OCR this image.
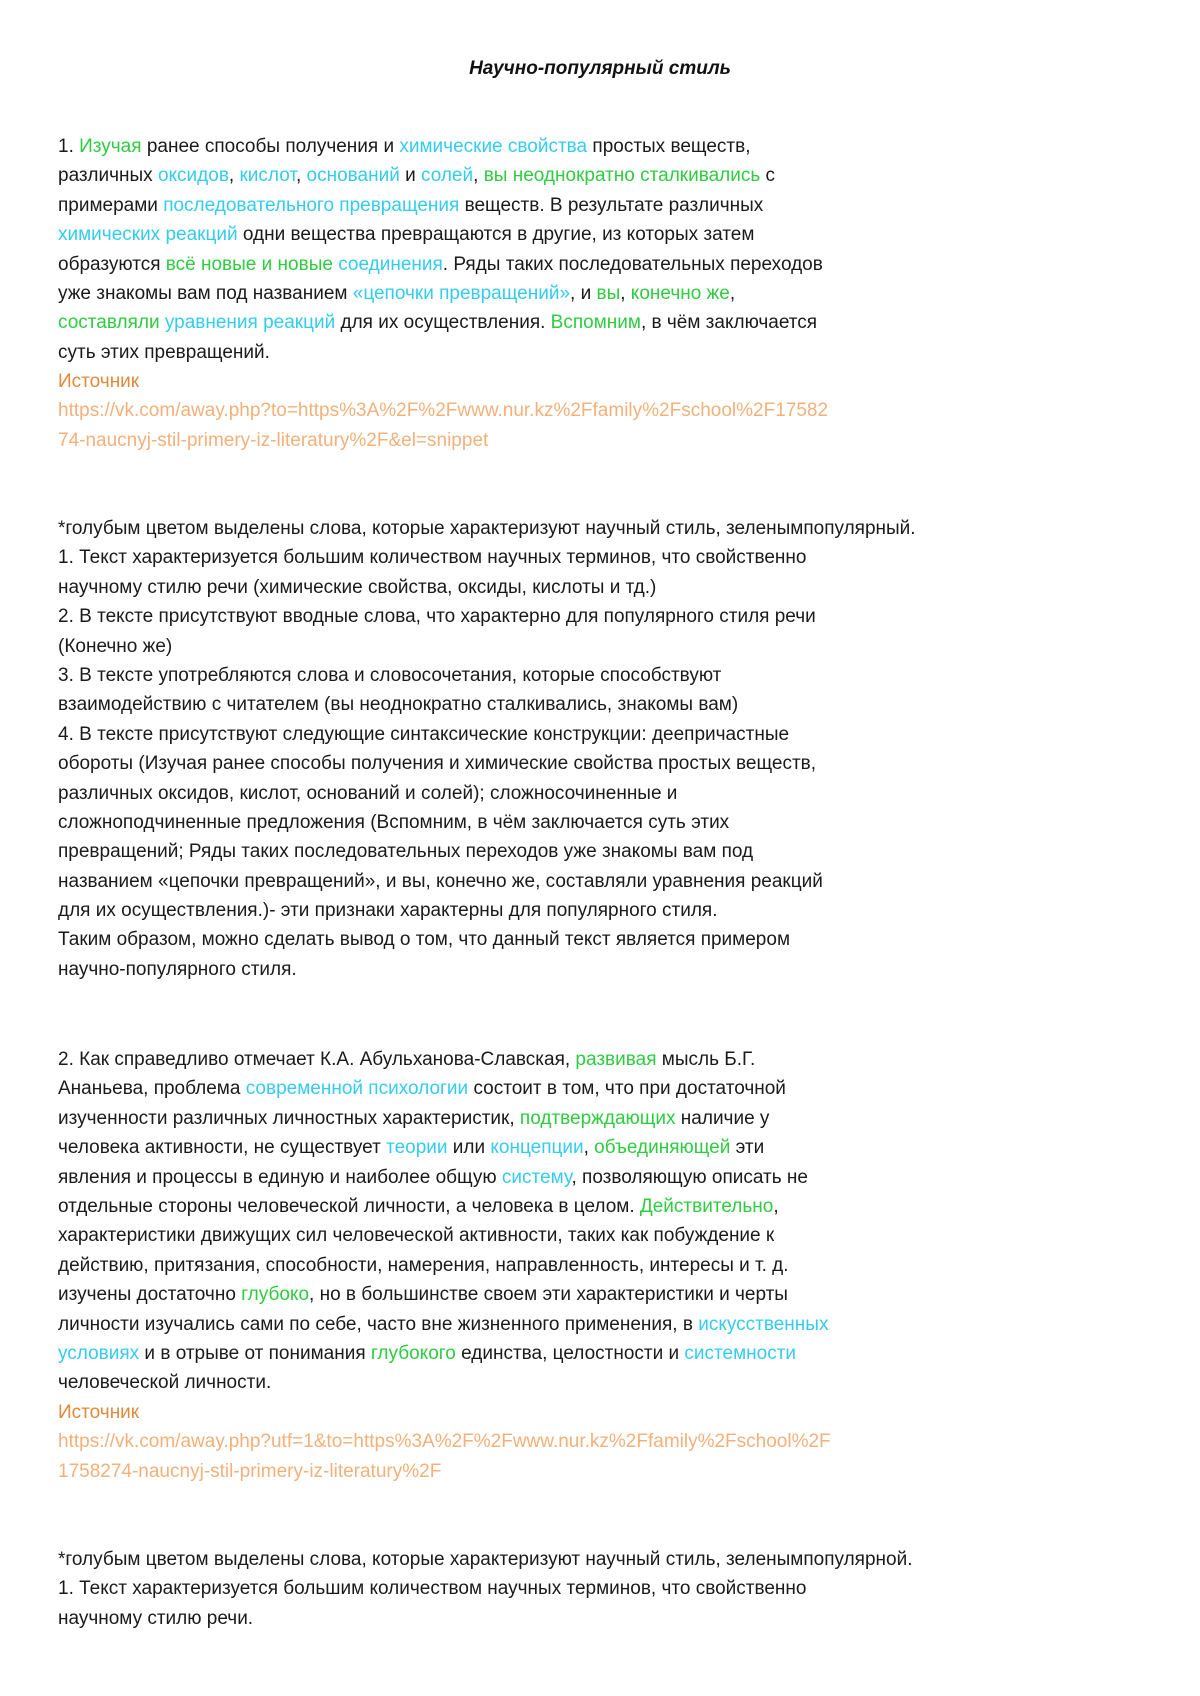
Научно-популярный стиль
1. Изучая ранее способы получения и химические свойства простых веществ,
различных оксидов, кислот, оснований и солей, вы неоднократно сталкивались с
примерами последовательного превращения веществ. В результате различных
химических реакций одни вещества превращаются в другие, из которых затем
образуются всё новые и новые соединения. Ряды таких последовательных переходов
уже знакомы вам под названием «цепочки превращений», и вы, конечно же,
составляли уравнения реакций для их осуществления. Вспомним, в чём заключается
суть этих превращений.
Источник
https://vk.com/away.php?to=https%3A%2F%2Fwww.nur.kz%2Ffamily%2Fschool%2F17582
74-naucnyj-stil-primery-iz-literatury%2F&el=snippet
*голубым цветом выделены слова, которые характеризуют научный стиль, зеленымпопулярный.
1. Текст характеризуется большим количеством научных терминов, что свойственно
научному стилю речи (химические свойства, оксиды, кислоты и тд.)
2. В тексте присутствуют вводные слова, что характерно для популярного стиля речи
(Конечно же)
3. В тексте употребляются слова и словосочетания, которые способствуют
взаимодействию с читателем (вы неоднократно сталкивались, знакомы вам)
4. В тексте присутствуют следующие синтаксические конструкции: деепричастные
обороты (Изучая ранее способы получения и химические свойства простых веществ,
различных оксидов, кислот, оснований и солей); сложносочиненные и
сложноподчиненные предложения (Вспомним, в чём заключается суть этих
превращений; Ряды таких последовательных переходов уже знакомы вам под
названием «цепочки превращений», и вы, конечно же, составляли уравнения реакций
для их осуществления.)- эти признаки характерны для популярного стиля.
Таким образом, можно сделать вывод о том, что данный текст является примером
научно-популярного стиля.
2. Как справедливо отмечает К.А. Абульханова-Славская, развивая мысль Б.Г.
Ананьева, проблема современной психологии состоит в том, что при достаточной
изученности различных личностных характеристик, подтверждающих наличие у
человека активности, не существует теории или концепции, объединяющей эти
явления и процессы в единую и наиболее общую систему, позволяющую описать не
отдельные стороны человеческой личности, а человека в целом. Действительно,
характеристики движущих сил человеческой активности, таких как побуждение к
действию, притязания, способности, намерения, направленность, интересы и т. д.
изучены достаточно глубоко, но в большинстве своем эти характеристики и черты
личности изучались сами по себе, часто вне жизненного применения, в искусственных
условиях и в отрыве от понимания глубокого единства, целостности и системности
человеческой личности.
Источник
https://vk.com/away.php?utf=1&to=https%3A%2F%2Fwww.nur.kz%2Ffamily%2Fschool%2F
1758274-naucnyj-stil-primery-iz-literatury%2F
*голубым цветом выделены слова, которые характеризуют научный стиль, зеленымпопулярной.
1. Текст характеризуется большим количеством научных терминов, что свойственно
научному стилю речи.
